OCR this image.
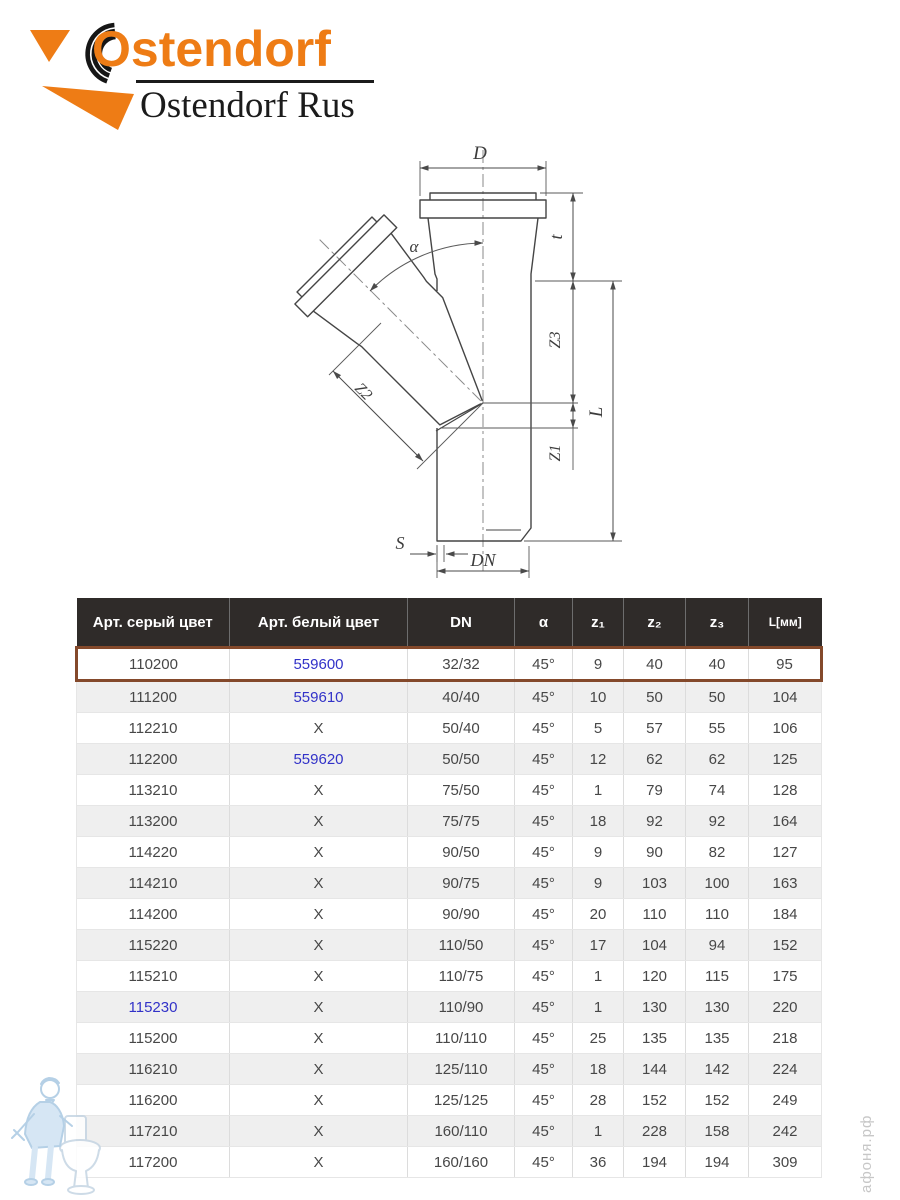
Ostendorf
Ostendorf Rus
α
D
t
Z3
Z1
L
Z2
S
DN
Арт. серый цвет	Арт. белый цвет	DN	α	z₁	z₂	z₃	L[мм]
110200	559600	32/32	45°	9	40	40	95
111200	559610	40/40	45°	10	50	50	104
112210	X	50/40	45°	5	57	55	106
112200	559620	50/50	45°	12	62	62	125
113210	X	75/50	45°	1	79	74	128
113200	X	75/75	45°	18	92	92	164
114220	X	90/50	45°	9	90	82	127
114210	X	90/75	45°	9	103	100	163
114200	X	90/90	45°	20	110	110	184
115220	X	110/50	45°	17	104	94	152
115210	X	110/75	45°	1	120	115	175
115230	X	110/90	45°	1	130	130	220
115200	X	110/110	45°	25	135	135	218
116210	X	125/110	45°	18	144	142	224
116200	X	125/125	45°	28	152	152	249
117210	X	160/110	45°	1	228	158	242
117200	X	160/160	45°	36	194	194	309	афоня.рф
